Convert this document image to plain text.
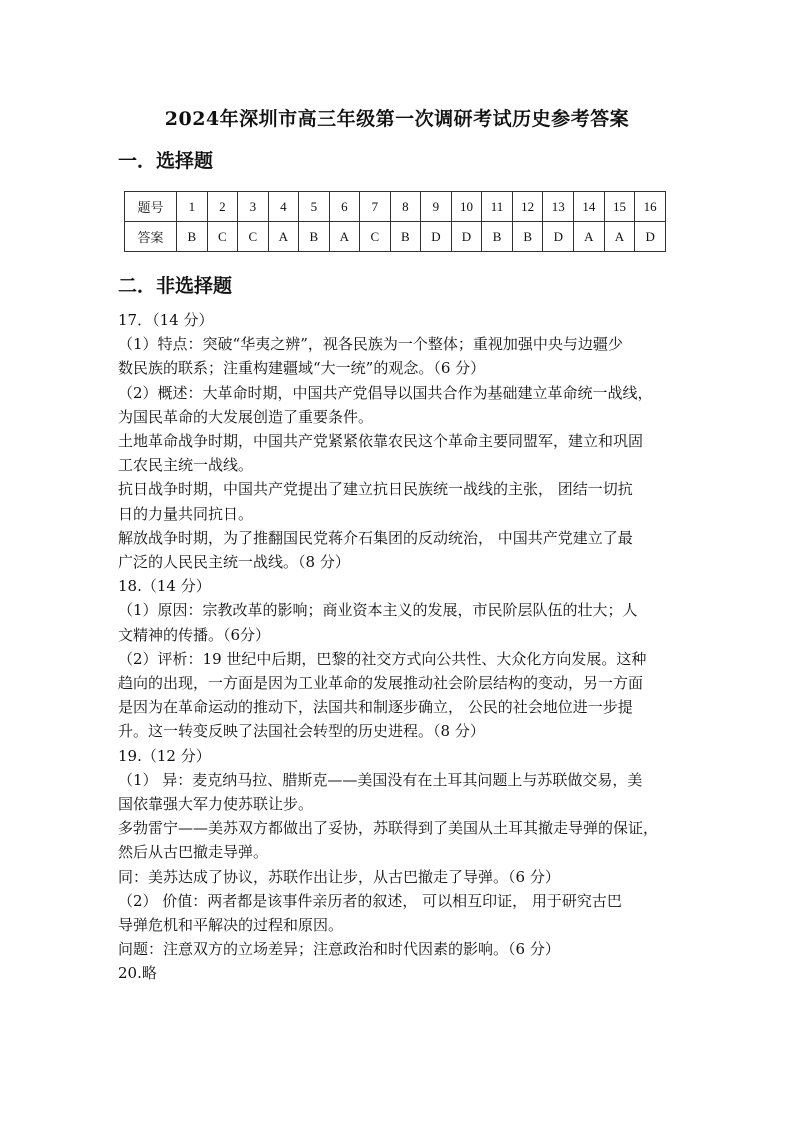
2024年深圳市高三年级第一次调研考试历史参考答案
一．选择题
题号	1	2	3	4	5	6	7	8	9	10	11	12	13	14	15	16
答案	B	C	C	A	B	A	C	B	D	D	B	B	D	A	A	D
二．非选择题

17．（14 分）

（1）特点：突破“华夷之辨”，视各民族为一个整体；重视加强中央与边疆少

数民族的联系；注重构建疆域“大一统”的观念。（6 分）

（2）概述：大革命时期，中国共产党倡导以国共合作为基础建立革命统一战线，

为国民革命的大发展创造了重要条件。

土地革命战争时期，中国共产党紧紧依靠农民这个革命主要同盟军，建立和巩固

工农民主统一战线。

抗日战争时期，中国共产党提出了建立抗日民族统一战线的主张， 团结一切抗

日的力量共同抗日。

解放战争时期，为了推翻国民党蒋介石集团的反动统治， 中国共产党建立了最

广泛的人民民主统一战线。（8 分）

18.（14 分）

（1）原因：宗教改革的影响；商业资本主义的发展，市民阶层队伍的壮大；人

文精神的传播。（6分）

（2）评析：19 世纪中后期，巴黎的社交方式向公共性、大众化方向发展。这种

趋向的出现，一方面是因为工业革命的发展推动社会阶层结构的变动，另一方面

是因为在革命运动的推动下，法国共和制逐步确立， 公民的社会地位进一步提

升。这一转变反映了法国社会转型的历史进程。（8 分）

19.（12 分）

（1） 异：麦克纳马拉、腊斯克——美国没有在土耳其问题上与苏联做交易，美

国依靠强大军力使苏联让步。

多勃雷宁——美苏双方都做出了妥协，苏联得到了美国从土耳其撤走导弹的保证，

然后从古巴撤走导弹。

同：美苏达成了协议，苏联作出让步，从古巴撤走了导弹。（6 分）

（2） 价值：两者都是该事件亲历者的叙述， 可以相互印证， 用于研究古巴

导弹危机和平解决的过程和原因。

问题：注意双方的立场差异；注意政治和时代因素的影响。（6 分）

20.略
